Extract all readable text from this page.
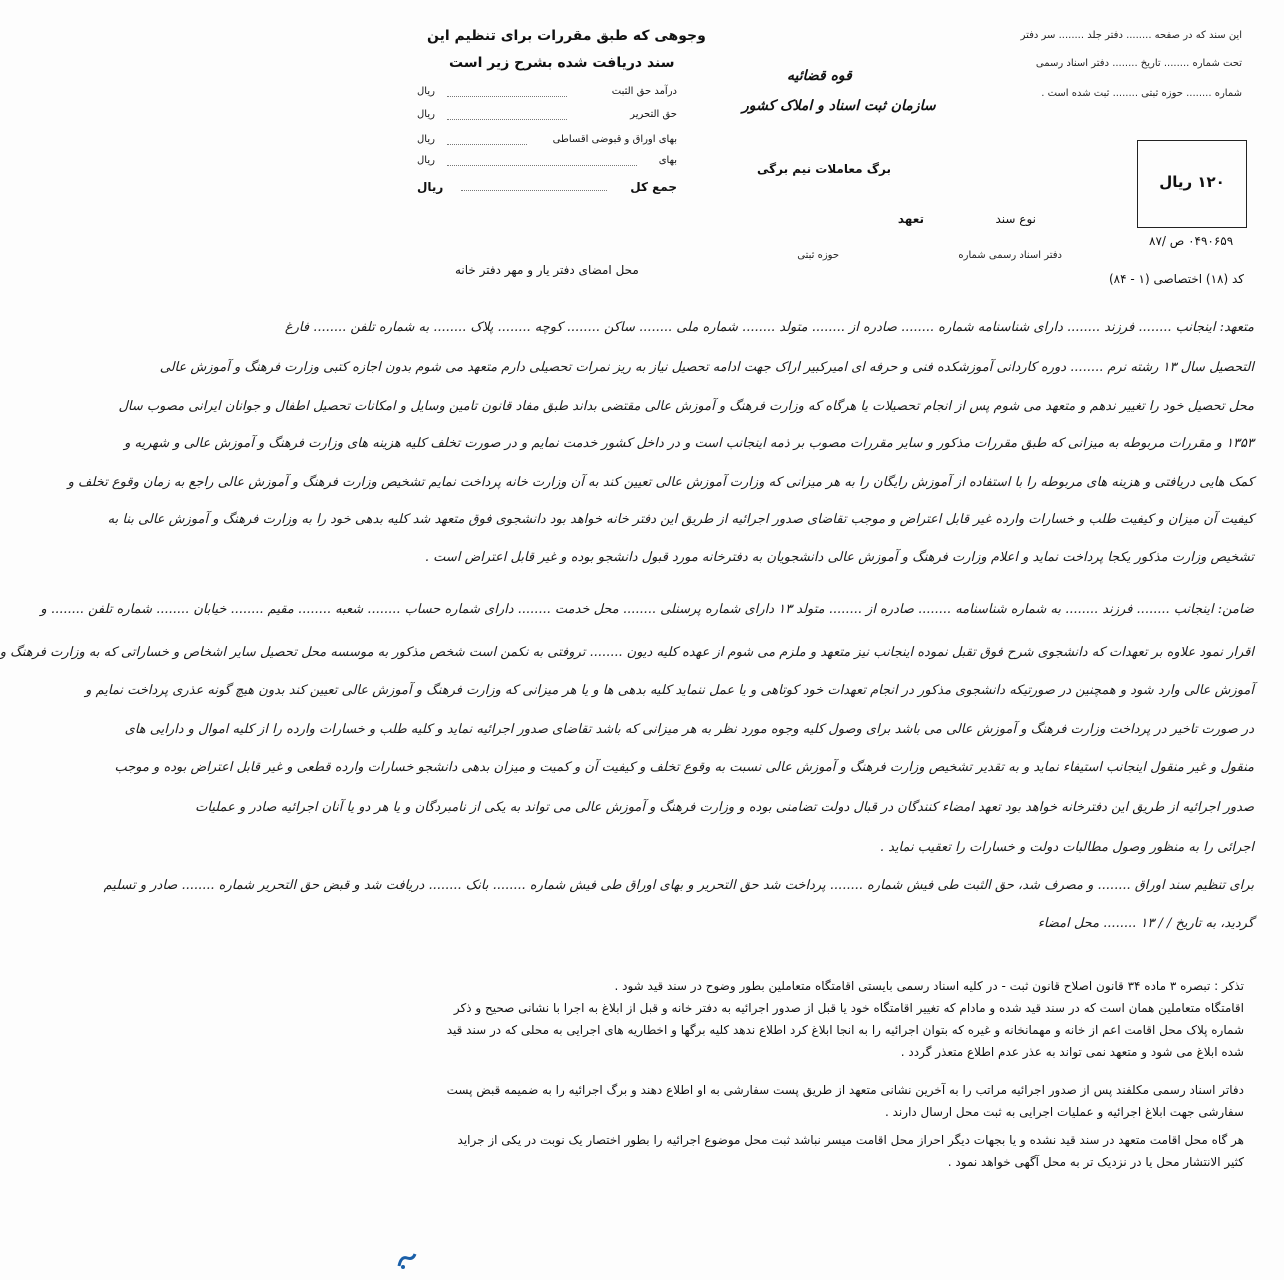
این سند که در صفحه ........ دفتر جلد ........ سر دفتر
تحت شماره ........ تاریخ ........ دفتر اسناد رسمی
شماره ........ حوزه ثبتی ........ ثبت شده است .
قوه قضائیه
سازمان ثبت اسناد و املاک کشور
برگ معاملات نیم برگی
وجوهی که طبق مقررات برای تنظیم این
سند دریافت شده بشرح زیر است
درآمد حق الثبت
ریال
حق التحریر
ریال
بهای اوراق و قبوضی اقساطی
ریال
بهای
ریال
جمع کل
ریال	۱۲۰ ریال
۰۴۹۰۶۵۹ ص /۸۷
نوع سند
تعهد
دفتر اسناد رسمی شماره
حوزه ثبتی
محل امضای دفتر یار و مهر دفتر خانه
کد (۱۸) اختصاصی (۱ - ۸۴)

متعهد: اینجانب ........ فرزند ........ دارای شناسنامه شماره ........ صادره از ........ متولد ........ شماره ملی ........ ساکن ........ کوچه ........ پلاک ........ به شماره تلفن ........ فارغ

التحصیل سال ۱۳ رشته نرم ........ دوره کاردانی آموزشکده فنی و حرفه ای امیرکبیر اراک جهت ادامه تحصیل نیاز به ریز نمرات تحصیلی دارم متعهد می شوم بدون اجازه کتبی وزارت فرهنگ و آموزش عالی

محل تحصیل خود را تغییر ندهم و متعهد می شوم پس از انجام تحصیلات یا هرگاه که وزارت فرهنگ و آموزش عالی مقتضی بداند طبق مفاد قانون تامین وسایل و امکانات تحصیل اطفال و جوانان ایرانی مصوب سال

۱۳۵۳ و مقررات مربوطه به میزانی که طبق مقررات مذکور و سایر مقررات مصوب بر ذمه اینجانب است و در داخل کشور خدمت نمایم و در صورت تخلف کلیه هزینه های وزارت فرهنگ و آموزش عالی و شهریه و

کمک هایی دریافتی و هزینه های مربوطه را با استفاده از آموزش رایگان را به هر میزانی که وزارت آموزش عالی تعیین کند به آن وزارت خانه پرداخت نمایم تشخیص وزارت فرهنگ و آموزش عالی راجع به زمان وقوع تخلف و

کیفیت آن میزان و کیفیت طلب و خسارات وارده غیر قابل اعتراض و موجب تقاضای صدور اجرائیه از طریق این دفتر خانه خواهد بود دانشجوی فوق متعهد شد کلیه بدهی خود را به وزارت فرهنگ و آموزش عالی بنا به

تشخیص وزارت مذکور یکجا پرداخت نماید و اعلام وزارت فرهنگ و آموزش عالی دانشجویان به دفترخانه مورد قبول دانشجو بوده و غیر قابل اعتراض است .

ضامن: اینجانب ........ فرزند ........ به شماره شناسنامه ........ صادره از ........ متولد ۱۳ دارای شماره پرسنلی ........ محل خدمت ........ دارای شماره حساب ........ شعبه ........ مقیم ........ خیابان ........ شماره تلفن ........ و

اقرار نمود علاوه بر تعهدات که دانشجوی شرح فوق تقبل نموده اینجانب نیز متعهد و ملزم می شوم از عهده کلیه دیون ........ تروفتی به نکمن است شخص مذکور به موسسه محل تحصیل سایر اشخاص و خساراتی که به وزارت فرهنگ و

آموزش عالی وارد شود و همچنین در صورتیکه دانشجوی مذکور در انجام تعهدات خود کوتاهی و یا عمل ننماید کلیه بدهی ها و یا هر میزانی که وزارت فرهنگ و آموزش عالی تعیین کند بدون هیچ گونه عذری پرداخت نمایم و

در صورت تاخیر در پرداخت وزارت فرهنگ و آموزش عالی می باشد برای وصول کلیه وجوه مورد نظر به هر میزانی که باشد تقاضای صدور اجرائیه نماید و کلیه طلب و خسارات وارده را از کلیه اموال و دارایی های

منقول و غیر منقول اینجانب استیفاء نماید و به تقدیر تشخیص وزارت فرهنگ و آموزش عالی نسبت به وقوع تخلف و کیفیت آن و کمیت و میزان بدهی دانشجو خسارات وارده قطعی و غیر قابل اعتراض بوده و موجب

صدور اجرائیه از طریق این دفترخانه خواهد بود تعهد امضاء کنندگان در قبال دولت تضامنی بوده و وزارت فرهنگ و آموزش عالی می تواند به یکی از نامبردگان و یا هر دو یا آنان اجرائیه صادر و عملیات

اجرائی را به منظور وصول مطالبات دولت و خسارات را تعقیب نماید .

برای تنظیم سند اوراق ........ و مصرف شد، حق الثبت طی فیش شماره ........ پرداخت شد حق التحریر و بهای اوراق طی فیش شماره ........ بانک ........ دریافت شد و قبض حق التحریر شماره ........ صادر و تسلیم

گردید، به تاریخ / / ۱۳ ........ محل امضاء

تذکر : تبصره ۳ ماده ۳۴ قانون اصلاح قانون ثبت - در کلیه اسناد رسمی بایستی اقامتگاه متعاملین بطور وضوح در سند قید شود .

اقامتگاه متعاملین همان است که در سند قید شده و مادام که تغییر اقامتگاه خود یا قبل از صدور اجرائیه به دفتر خانه و قبل از ابلاغ به اجرا با نشانی صحیح و ذکر

شماره پلاک محل اقامت اعم از خانه و مهمانخانه و غیره که بتوان اجرائیه را به انجا ابلاغ کرد اطلاع ندهد کلیه برگها و اخطاریه های اجرایی به محلی که در سند قید

شده ابلاغ می شود و متعهد نمی تواند به عذر عدم اطلاع متعذر گردد .

دفاتر اسناد رسمی مکلفند پس از صدور اجرائیه مراتب را به آخرین نشانی متعهد از طریق پست سفارشی به او اطلاع دهند و برگ اجرائیه را به ضمیمه قبض پست

سفارشی جهت ابلاغ اجرائیه و عملیات اجرایی به ثبت محل ارسال دارند .

هر گاه محل اقامت متعهد در سند قید نشده و یا بجهات دیگر احراز محل اقامت میسر نباشد ثبت محل موضوع اجرائیه را بطور اختصار یک نوبت در یکی از جراید

کثیر الانتشار محل یا در نزدیک تر به محل آگهی خواهد نمود .
